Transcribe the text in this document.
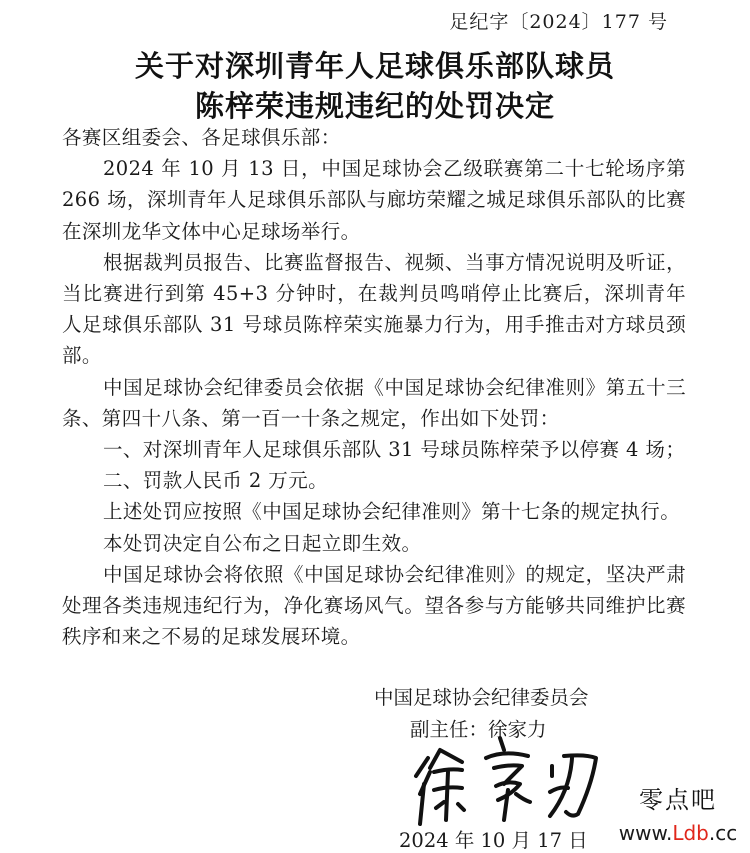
足纪字〔2024〕177 号
关于对深圳青年人足球俱乐部队球员
陈梓荣违规违纪的处罚决定

各赛区组委会、各足球俱乐部：

2024 年 10 月 13 日，中国足球协会乙级联赛第二十七轮场序第 266 场，深圳青年人足球俱乐部队与廊坊荣耀之城足球俱乐部队的比赛在深圳龙华文体中心足球场举行。

根据裁判员报告、比赛监督报告、视频、当事方情况说明及听证，当比赛进行到第 45+3 分钟时，在裁判员鸣哨停止比赛后，深圳青年人足球俱乐部队 31 号球员陈梓荣实施暴力行为，用手推击对方球员颈部。

中国足球协会纪律委员会依据《中国足球协会纪律准则》第五十三条、第四十八条、第一百一十条之规定，作出如下处罚：

一、对深圳青年人足球俱乐部队 31 号球员陈梓荣予以停赛 4 场；

二、罚款人民币 2 万元。

上述处罚应按照《中国足球协会纪律准则》第十七条的规定执行。

本处罚决定自公布之日起立即生效。

中国足球协会将依照《中国足球协会纪律准则》的规定，坚决严肃处理各类违规违纪行为，净化赛场风气。望各参与方能够共同维护比赛秩序和来之不易的足球发展环境。

中国足球协会纪律委员会
副主任：徐家力
2024 年 10 月 17 日
零点吧
www.Ldb.cc
